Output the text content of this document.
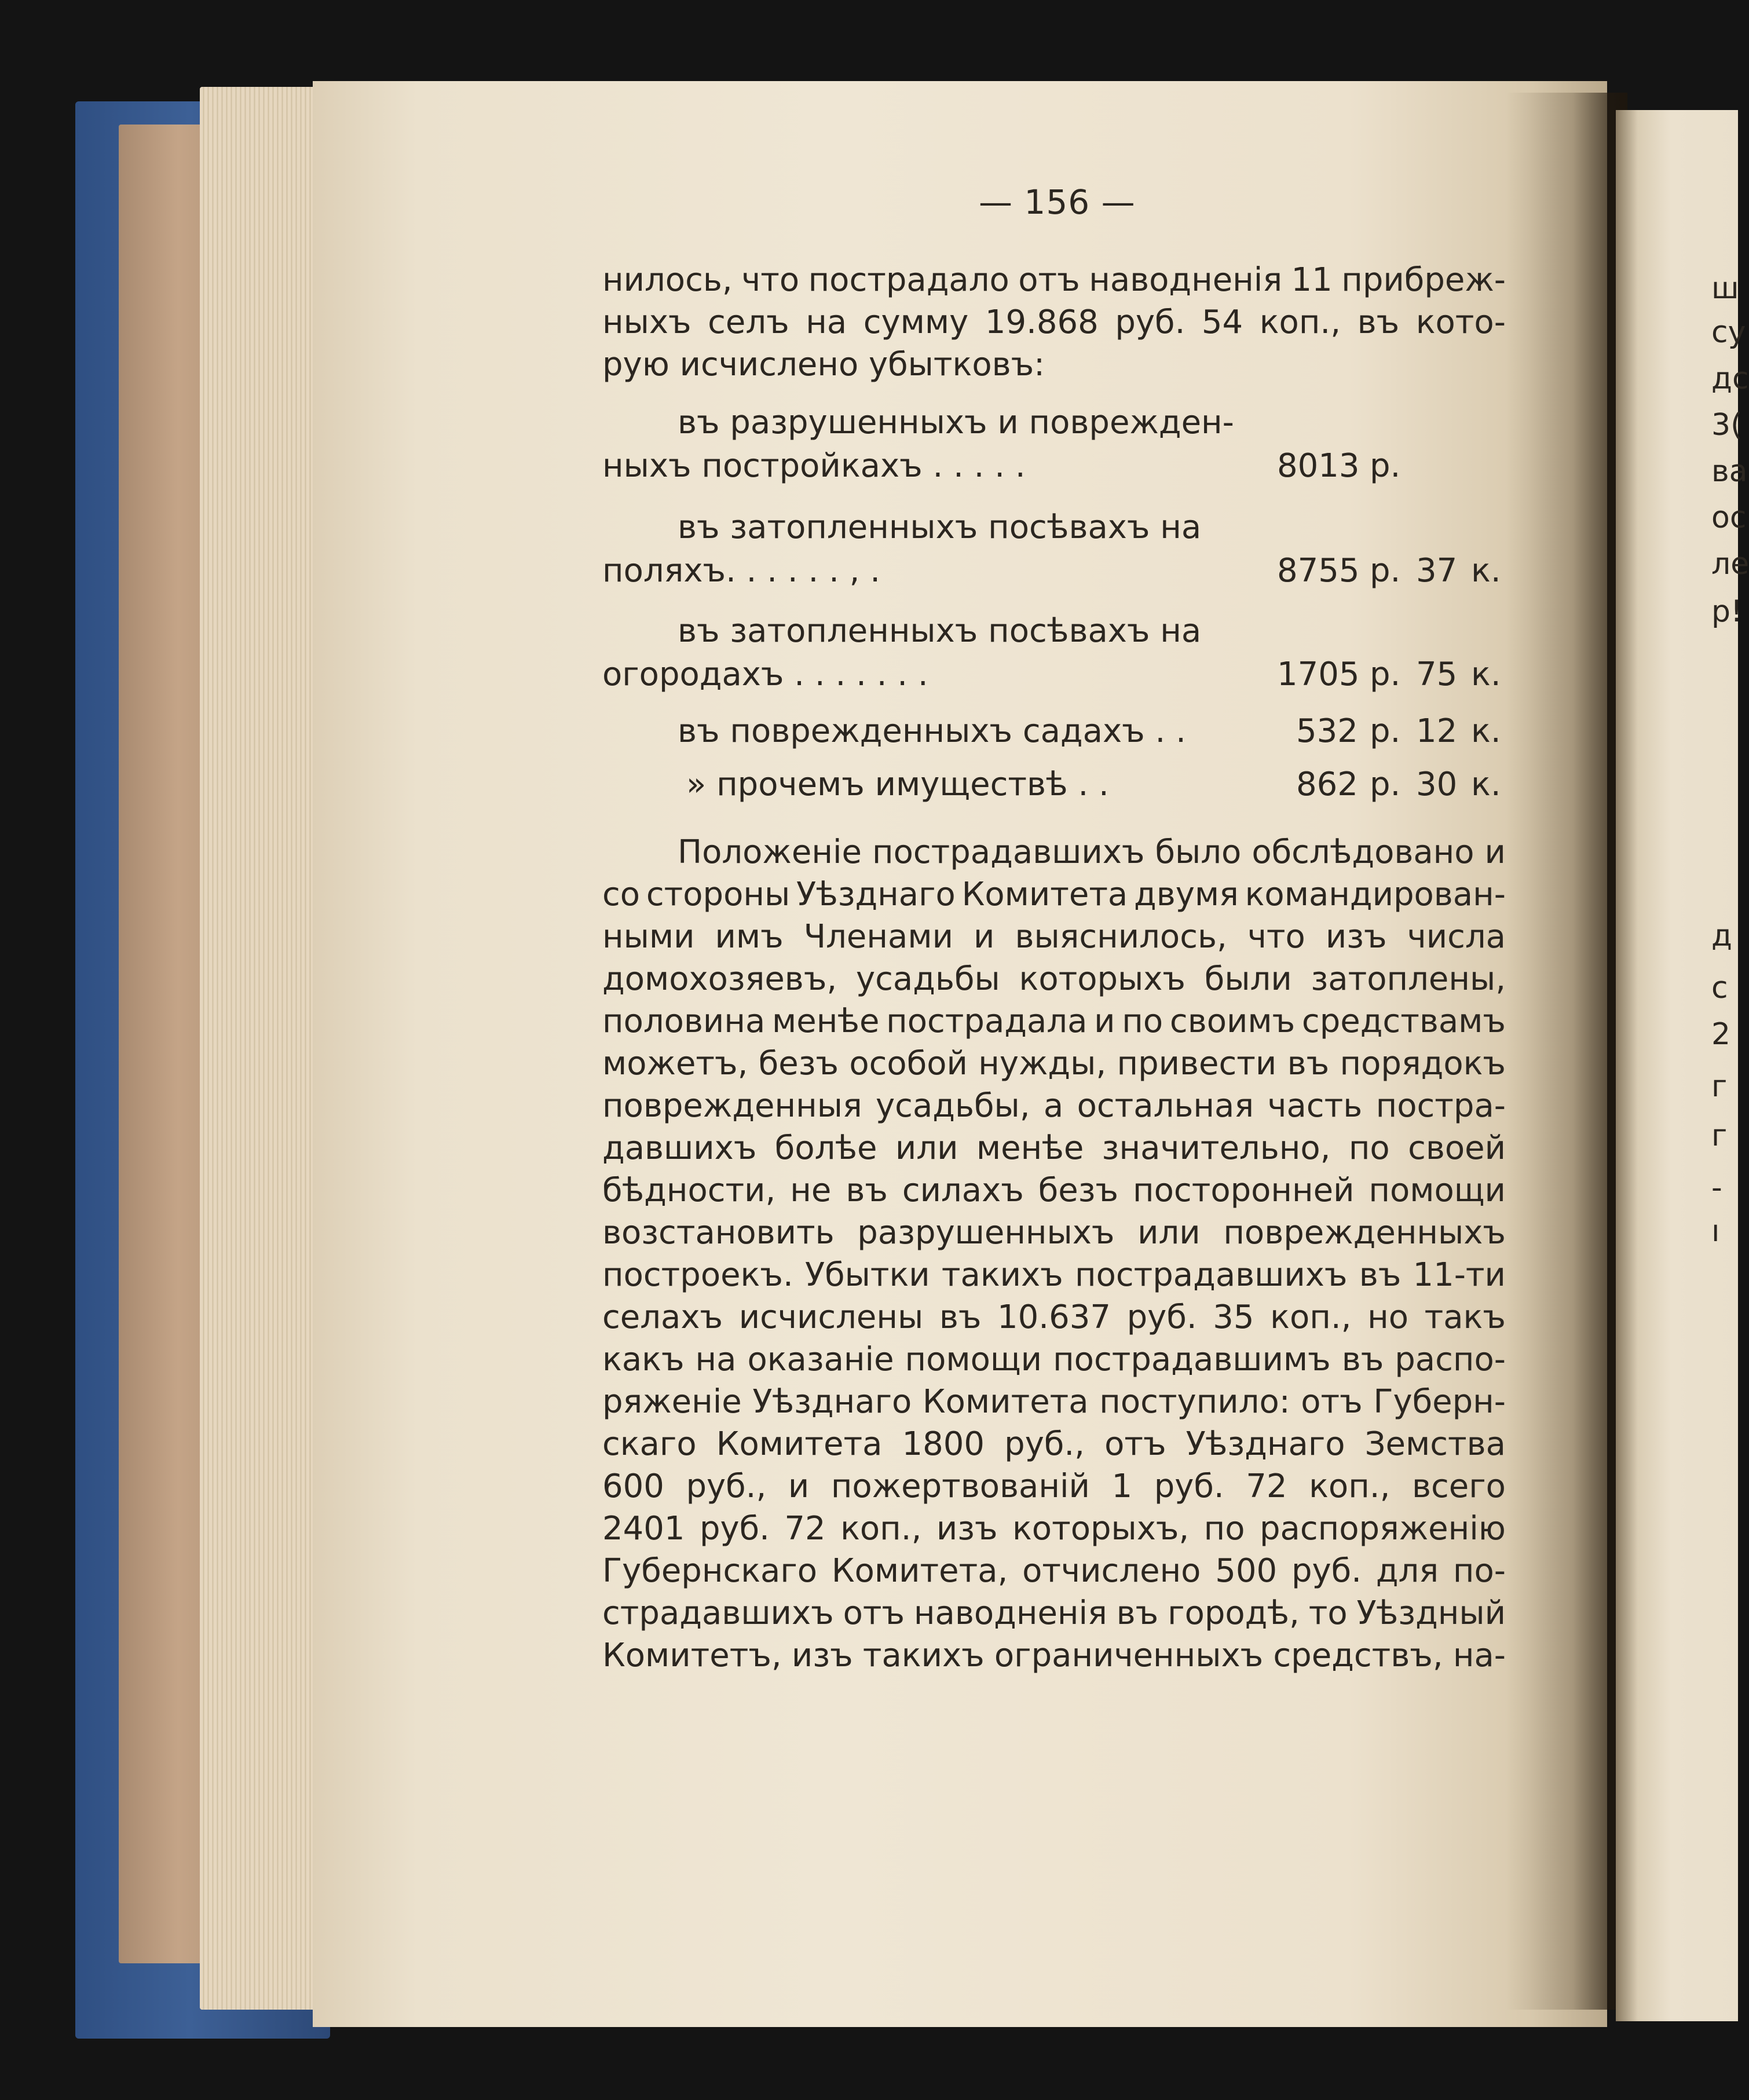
ш
су
дс
3(
ва
ос
ле
р!
д
с
2
г
г
-
ı
— 156 —
нилось, что пострадало отъ наводненія 11 прибреж-
ныхъ селъ на сумму 19.868 руб. 54 коп., въ кото-
рую исчислено убытковъ:
въ разрушенныхъ и поврежден-
ныхъ постройкахъ . . . . .	8013 р.
въ затопленныхъ посѣвахъ на
поляхъ. . . . . . , .	8755 р. 37 к.
въ затопленныхъ посѣвахъ на
огородахъ . . . . . . .	1705 р. 75 к.
въ поврежденныхъ садахъ . .	532 р. 12 к.
» прочемъ имуществѣ . .	862 р. 30 к.
Положеніе пострадавшихъ было обслѣдовано и
со стороны Уѣзднаго Комитета двумя командирован-
ными имъ Членами и выяснилось, что изъ числа
домохозяевъ, усадьбы которыхъ были затоплены,
половина менѣе пострадала и по своимъ средствамъ
можетъ, безъ особой нужды, привести въ порядокъ
поврежденныя усадьбы, а остальная часть постра-
давшихъ болѣе или менѣе значительно, по своей
бѣдности, не въ силахъ безъ посторонней помощи
возстановить разрушенныхъ или поврежденныхъ
построекъ. Убытки такихъ пострадавшихъ въ 11-ти
селахъ исчислены въ 10.637 руб. 35 коп., но такъ
какъ на оказаніе помощи пострадавшимъ въ распо-
ряженіе Уѣзднаго Комитета поступило: отъ Губерн-
скаго Комитета 1800 руб., отъ Уѣзднаго Земства
600 руб., и пожертвованій 1 руб. 72 коп., всего
2401 руб. 72 коп., изъ которыхъ, по распоряженію
Губернскаго Комитета, отчислено 500 руб. для по-
страдавшихъ отъ наводненія въ городѣ, то Уѣздный
Комитетъ, изъ такихъ ограниченныхъ средствъ, на-
